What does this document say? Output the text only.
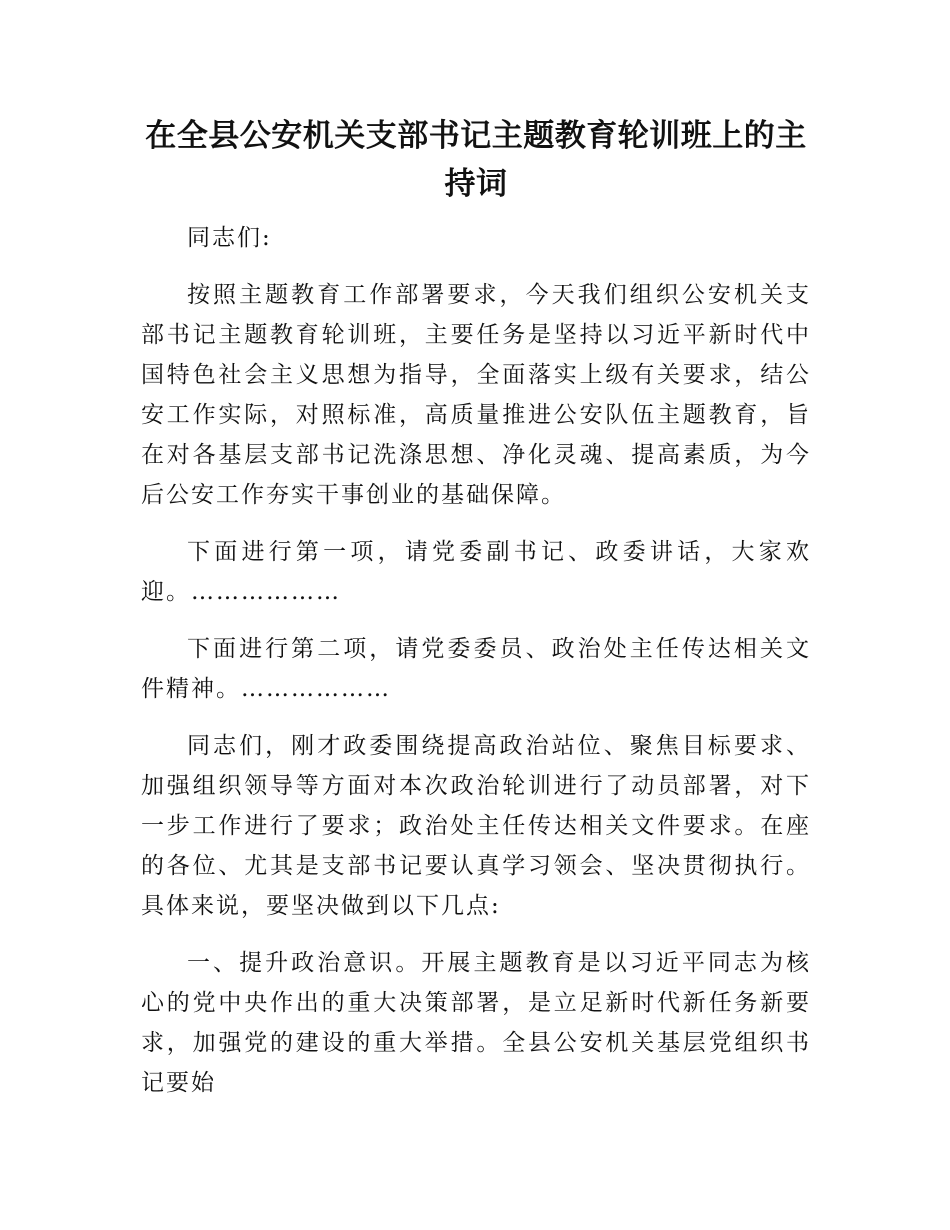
在全县公安机关支部书记主题教育轮训班上的主持词

同志们:

按照主题教育工作部署要求，今天我们组织公安机关支部书记主题教育轮训班，主要任务是坚持以习近平新时代中国特色社会主义思想为指导，全面落实上级有关要求，结公安工作实际，对照标准，高质量推进公安队伍主题教育，旨在对各基层支部书记洗涤思想、净化灵魂、提高素质，为今后公安工作夯实干事创业的基础保障。

下面进行第一项，请党委副书记、政委讲话，大家欢迎。………………

下面进行第二项，请党委委员、政治处主任传达相关文件精神。………………

同志们，刚才政委围绕提高政治站位、聚焦目标要求、加强组织领导等方面对本次政治轮训进行了动员部署，对下一步工作进行了要求；政治处主任传达相关文件要求。在座的各位、尤其是支部书记要认真学习领会、坚决贯彻执行。具体来说，要坚决做到以下几点:

一、提升政治意识。开展主题教育是以习近平同志为核心的党中央作出的重大决策部署，是立足新时代新任务新要求，加强党的建设的重大举措。全县公安机关基层党组织书记要始
